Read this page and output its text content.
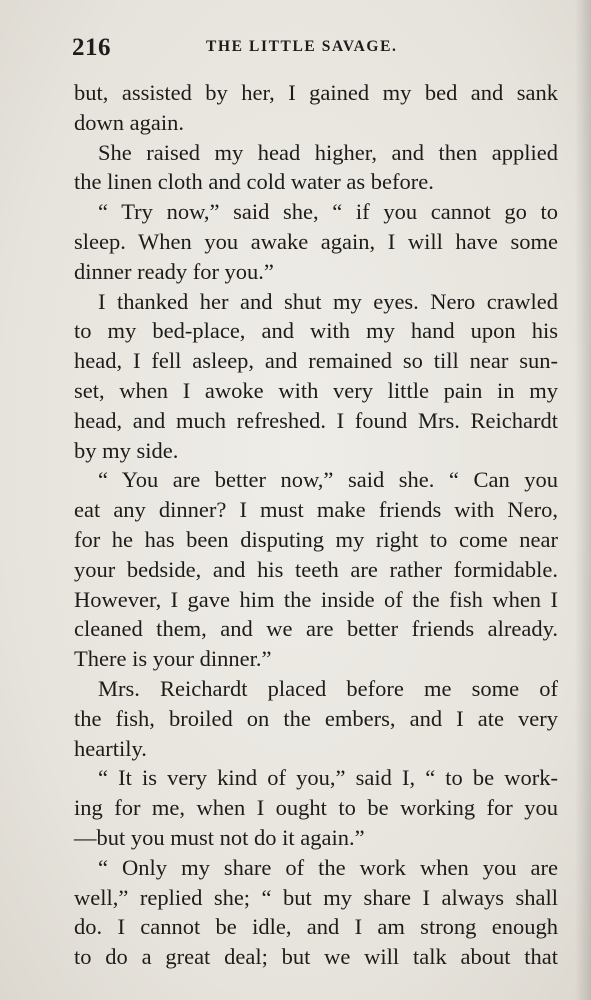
216	THE LITTLE SAVAGE.
but, assisted by her, I gained my bed and sank
down again.
She raised my head higher, and then applied
the linen cloth and cold water as before.
“ Try now,” said she, “ if you cannot go to
sleep. When you awake again, I will have some
dinner ready for you.”
I thanked her and shut my eyes. Nero crawled
to my bed-place, and with my hand upon his
head, I fell asleep, and remained so till near sun-
set, when I awoke with very little pain in my
head, and much refreshed. I found Mrs. Reichardt
by my side.
“ You are better now,” said she. “ Can you
eat any dinner? I must make friends with Nero,
for he has been disputing my right to come near
your bedside, and his teeth are rather formidable.
However, I gave him the inside of the fish when I
cleaned them, and we are better friends already.
There is your dinner.”
Mrs. Reichardt placed before me some of
the fish, broiled on the embers, and I ate very
heartily.
“ It is very kind of you,” said I, “ to be work-
ing for me, when I ought to be working for you
—but you must not do it again.”
“ Only my share of the work when you are
well,” replied she; “ but my share I always shall
do. I cannot be idle, and I am strong enough
to do a great deal; but we will talk about that
